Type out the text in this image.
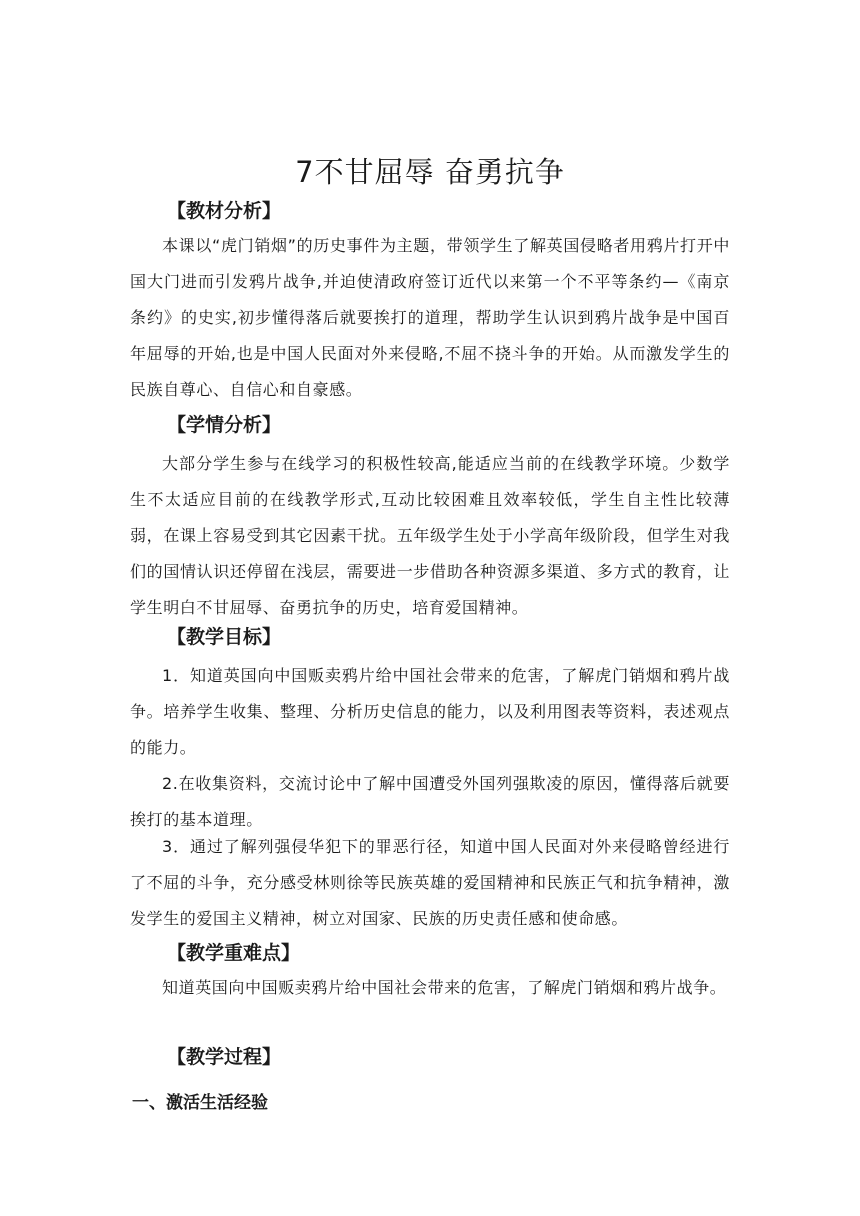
7不甘屈辱 奋勇抗争
【教材分析】

本课以“虎门销烟”的历史事件为主题，带领学生了解英国侵略者用鸦片打开中国大门进而引发鸦片战争,并迫使清政府签订近代以来第一个不平等条约—《南京条约》的史实,初步懂得落后就要挨打的道理，帮助学生认识到鸦片战争是中国百年屈辱的开始,也是中国人民面对外来侵略,不屈不挠斗争的开始。从而激发学生的民族自尊心、自信心和自豪感。

【学情分析】

大部分学生参与在线学习的积极性较高,能适应当前的在线教学环境。少数学生不太适应目前的在线教学形式,互动比较困难且效率较低，学生自主性比较薄弱，在课上容易受到其它因素干扰。五年级学生处于小学高年级阶段，但学生对我们的国情认识还停留在浅层，需要进一步借助各种资源多渠道、多方式的教育，让学生明白不甘屈辱、奋勇抗争的历史，培育爱国精神。

【教学目标】

1．知道英国向中国贩卖鸦片给中国社会带来的危害，了解虎门销烟和鸦片战争。培养学生收集、整理、分析历史信息的能力，以及利用图表等资料，表述观点的能力。

2.在收集资料，交流讨论中了解中国遭受外国列强欺凌的原因，懂得落后就要挨打的基本道理。

3．通过了解列强侵华犯下的罪恶行径，知道中国人民面对外来侵略曾经进行了不屈的斗争，充分感受林则徐等民族英雄的爱国精神和民族正气和抗争精神，激发学生的爱国主义精神，树立对国家、民族的历史责任感和使命感。

【教学重难点】

知道英国向中国贩卖鸦片给中国社会带来的危害，了解虎门销烟和鸦片战争。

【教学过程】
一、激活生活经验
